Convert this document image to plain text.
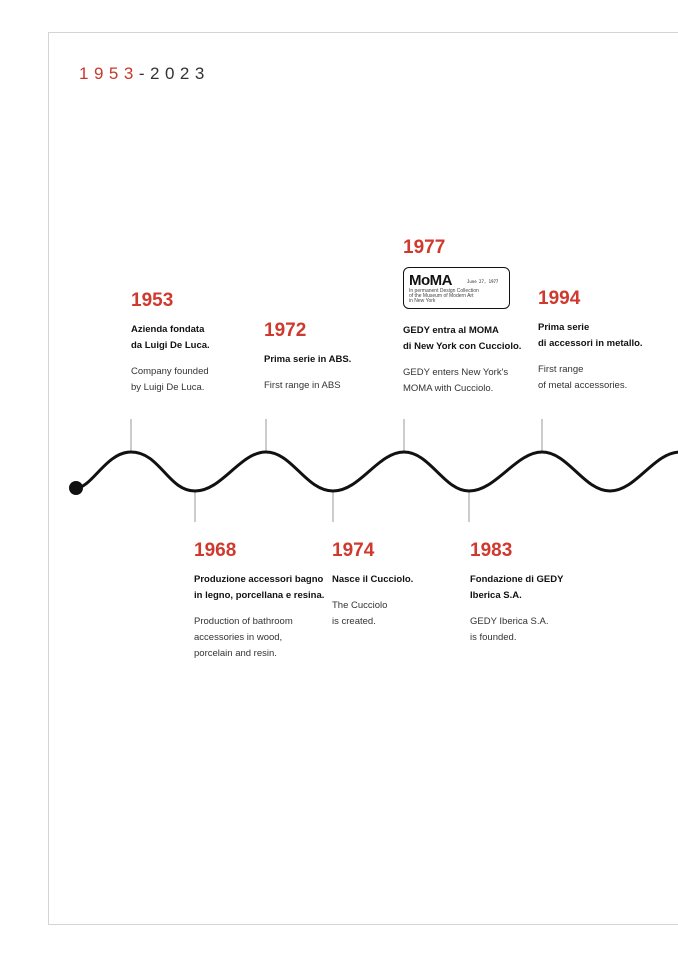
1953-2023
1953
Azienda fondata
da Luigi De Luca.
Company founded
by Luigi De Luca.
1972
Prima serie in ABS.
First range in ABS
1977
MoMA	June 27, 1977
In permanent Design Collection
of the Museum of Modern Art
in New York
GEDY entra al MOMA
di New York con Cucciolo.
GEDY enters New York's
MOMA with Cucciolo.
1994
Prima serie
di accessori in metallo.
First range
of metal accessories.
1968
Produzione accessori bagno
in legno, porcellana e resina.
Production of bathroom
accessories in wood,
porcelain and resin.
1974
Nasce il Cucciolo.
The Cucciolo
is created.
1983
Fondazione di GEDY
Iberica S.A.
GEDY Iberica S.A.
is founded.
